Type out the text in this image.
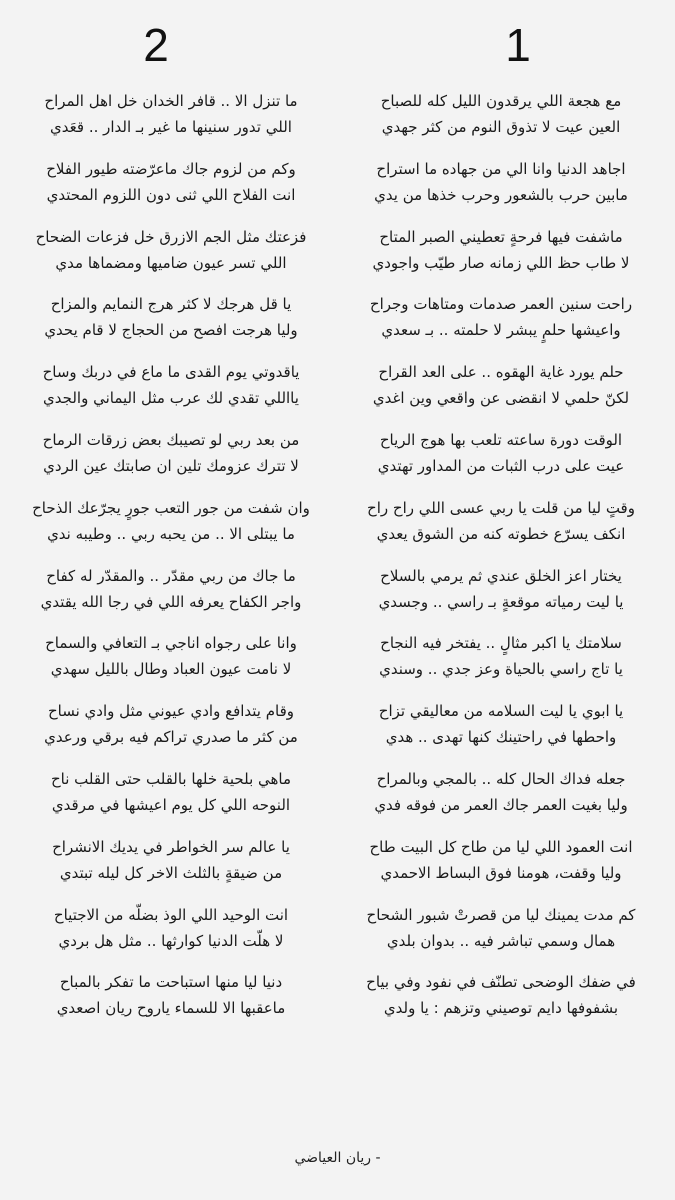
1
2
مع هجعة اللي يرقدون الليل كله للصباح
العين عيت لا تذوق النوم من كثر جهدي
اجاهد الدنيا وانا الي من جهاده ما استراح
مابين حرب بالشعور وحرب خذها من يدي
ماشفت فيها فرحةٍ تعطيني الصبر المتاح
لا طاب حظ اللي زمانه صار طيّب واجودي
راحت سنين العمر صدمات ومتاهات وجراح
واعيشها حلمٍ يبشر لا حلمته .. بـ سعدي
حلم يورد غاية الهقوه .. على العد القراح
لكنّ حلمي لا انقضى عن واقعي وين اغدي
الوقت دورة ساعته تلعب بها هوج الرياح
عيت على درب الثبات من المداور تهتدي
وقتٍ ليا من قلت يا ربي عسى اللي راح راح
انكف يسرّع خطوته كنه من الشوق يعدي
يختار اعز الخلق عندي ثم يرمي بالسلاح
يا ليت رمياته موقعةٍ بـ راسي .. وجسدي
سلامتك يا اكبر مثالٍ .. يفتخر فيه النجاح
يا تاج راسي بالحياة وعز جدي .. وسندي
يا ابوي يا ليت السلامه من معاليقي تزاح
واحطها في راحتينك كنها تهدى .. هدي
جعله فداك الحال كله .. بالمجي وبالمراح
وليا بغيت العمر جاك العمر من فوقه فدي
انت العمود اللي ليا من طاح كل البيت طاح
وليا وقفت، هومنا فوق البساط الاحمدي
كم مدت يمينك ليا من قصرتْ شبور الشحاح
همال وسمي تباشر فيه .. بدوان بلدي
في ضفك الوضحى تطنّف في نفود وفي بياح
بشفوفها دايم توصيني وتزهم : يا ولدي
ما تنزل الا .. قافر الخدان خل اهل المراح
اللي تدور سنينها ما غير بـ الدار .. قعَدي
وكم من لزوم جاك ماعرّضته طيور الفلاح
انت الفلاح اللي ثنى دون اللزوم المحتدي
فزعتك مثل الجم الازرق خل فزعات الضحاح
اللي تسر عيون ضاميها ومضماها مدي
يا قل هرجك لا كثر هرج النمايم والمزاح
وليا هرجت افصح من الحجاج لا قام يحدي
ياقدوتي يوم القدى ما ماع في دربك وساح
يااللي تقدي لك عرب مثل اليماني والجدي
من بعد ربي لو تصيبك بعض زرقات الرماح
لا تترك عزومك تلين ان صابتك عين الردي
وان شفت من جور التعب جورٍ يجرّعك الذحاح
ما يبتلى الا .. من يحبه ربي .. وطيبه ندي
ما جاك من ربي مقدّر .. والمقدّر له كفاح
واجر الكفاح يعرفه اللي في رجا الله يقتدي
وانا على رجواه اناجي بـ التعافي والسماح
لا نامت عيون العباد وطال بالليل سهدي
وقام يتدافع وادي عيوني مثل وادي نساح
من كثر ما صدري تراكم فيه برقي ورعدي
ماهي بلحية خلها بالقلب حتى القلب ناح
النوحه اللي كل يوم اعيشها في مرقدي
يا عالم سر الخواطر في يديك الانشراح
من ضيقةٍ بالثلث الاخر كل ليله تبتدي
انت الوحيد اللي الوذ بضلّه من الاجتياح
لا هلّت الدنيا كوارثها .. مثل هل بردي
دنيا ليا منها استباحت ما تفكر بالمباح
ماعقبها الا للسماء ياروح ريان اصعدي
- ريان العياضي
